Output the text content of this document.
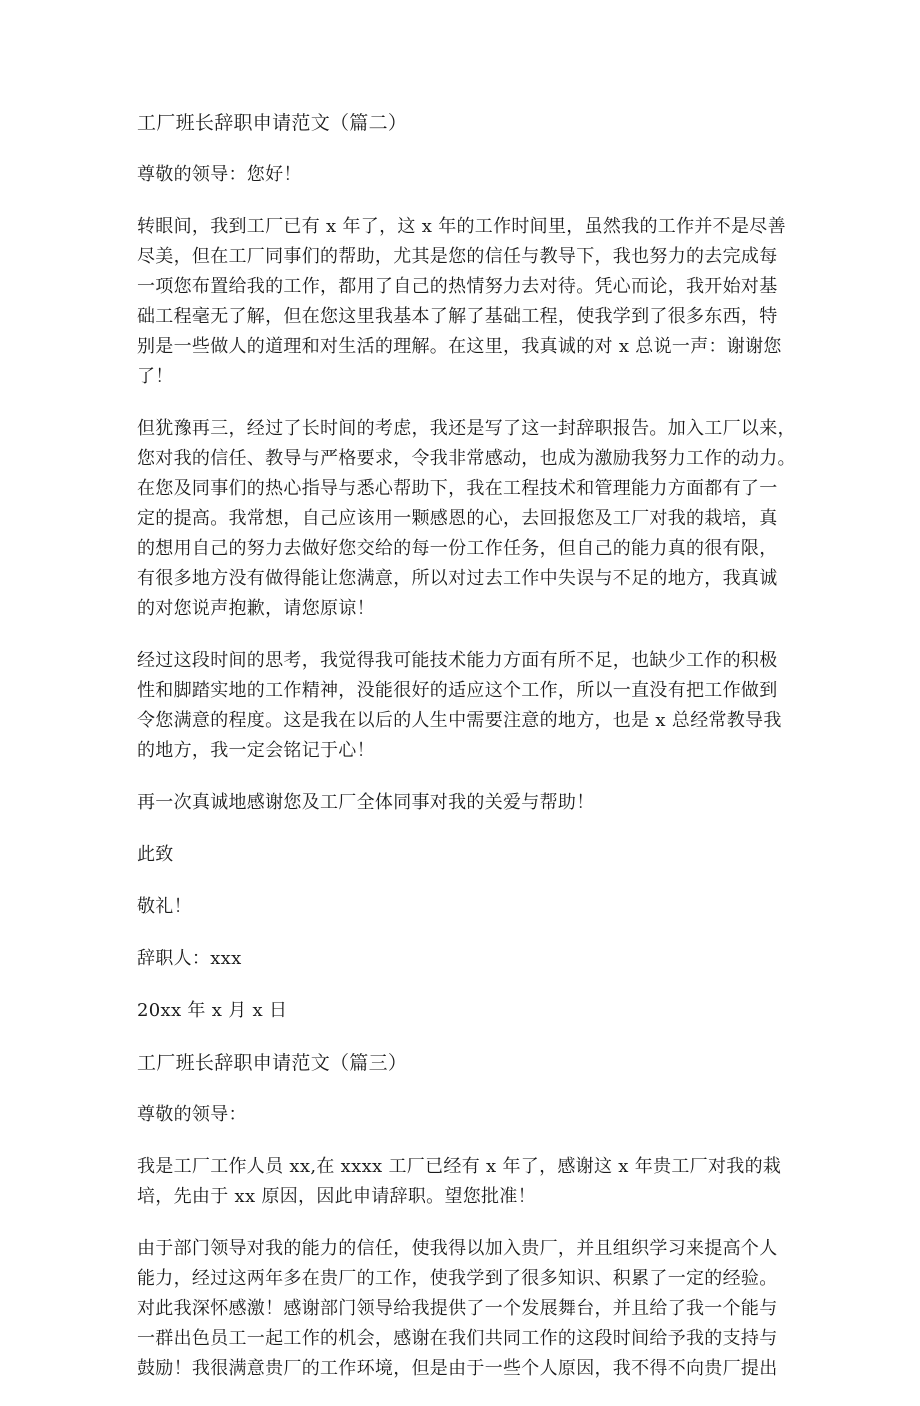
工厂班长辞职申请范文（篇二）

尊敬的领导：您好！

转眼间，我到工厂已有 x 年了，这 x 年的工作时间里，虽然我的工作并不是尽善

尽美，但在工厂同事们的帮助，尤其是您的信任与教导下，我也努力的去完成每

一项您布置给我的工作，都用了自己的热情努力去对待。凭心而论，我开始对基

础工程毫无了解，但在您这里我基本了解了基础工程，使我学到了很多东西，特

别是一些做人的道理和对生活的理解。在这里，我真诚的对 x 总说一声：谢谢您

了！

但犹豫再三，经过了长时间的考虑，我还是写了这一封辞职报告。加入工厂以来，

您对我的信任、教导与严格要求，令我非常感动，也成为激励我努力工作的动力。

在您及同事们的热心指导与悉心帮助下，我在工程技术和管理能力方面都有了一

定的提高。我常想，自己应该用一颗感恩的心，去回报您及工厂对我的栽培，真

的想用自己的努力去做好您交给的每一份工作任务，但自己的能力真的很有限，

有很多地方没有做得能让您满意，所以对过去工作中失误与不足的地方，我真诚

的对您说声抱歉，请您原谅！

经过这段时间的思考，我觉得我可能技术能力方面有所不足，也缺少工作的积极

性和脚踏实地的工作精神，没能很好的适应这个工作，所以一直没有把工作做到

令您满意的程度。这是我在以后的人生中需要注意的地方，也是 x 总经常教导我

的地方，我一定会铭记于心！

再一次真诚地感谢您及工厂全体同事对我的关爱与帮助！

此致

敬礼！

辞职人：xxx

20xx 年 x 月 x 日

工厂班长辞职申请范文（篇三）

尊敬的领导：

我是工厂工作人员 xx,在 xxxx 工厂已经有 x 年了，感谢这 x 年贵工厂对我的栽

培，先由于 xx 原因，因此申请辞职。望您批准！

由于部门领导对我的能力的信任，使我得以加入贵厂，并且组织学习来提高个人

能力，经过这两年多在贵厂的工作，使我学到了很多知识、积累了一定的经验。

对此我深怀感激！感谢部门领导给我提供了一个发展舞台，并且给了我一个能与

一群出色员工一起工作的机会，感谢在我们共同工作的这段时间给予我的支持与

鼓励！我很满意贵厂的工作环境，但是由于一些个人原因，我不得不向贵厂提出
